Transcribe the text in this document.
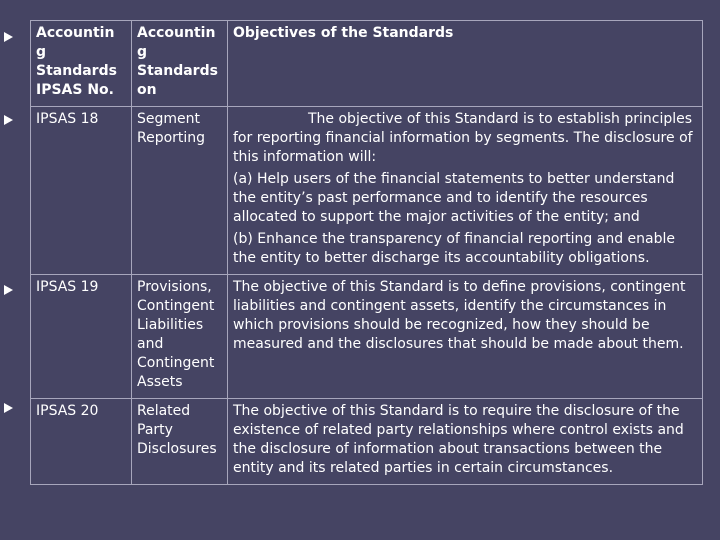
Accountin g Standards IPSAS No.	Accountin g Standards on	Objectives of the Standards
IPSAS 18	Segment Reporting	The objective of this Standard is to establish principles for reporting financial information by segments. The disclosure of this information will:

(a) Help users of the financial statements to better understand the entity’s past performance and to identify the resources allocated to support the major activities of the entity; and

(b) Enhance the transparency of financial reporting and enable the entity to better discharge its accountability obligations.

IPSAS 19	Provisions, Contingent Liabilities and Contingent Assets	The objective of this Standard is to define provisions, contingent liabilities and contingent assets, identify the circumstances in which provisions should be recognized, how they should be measured and the disclosures that should be made about them.

IPSAS 20	Related Party Disclosures	The objective of this Standard is to require the disclosure of the existence of related party relationships where control exists and the disclosure of information about transactions between the entity and its related parties in certain circumstances.
